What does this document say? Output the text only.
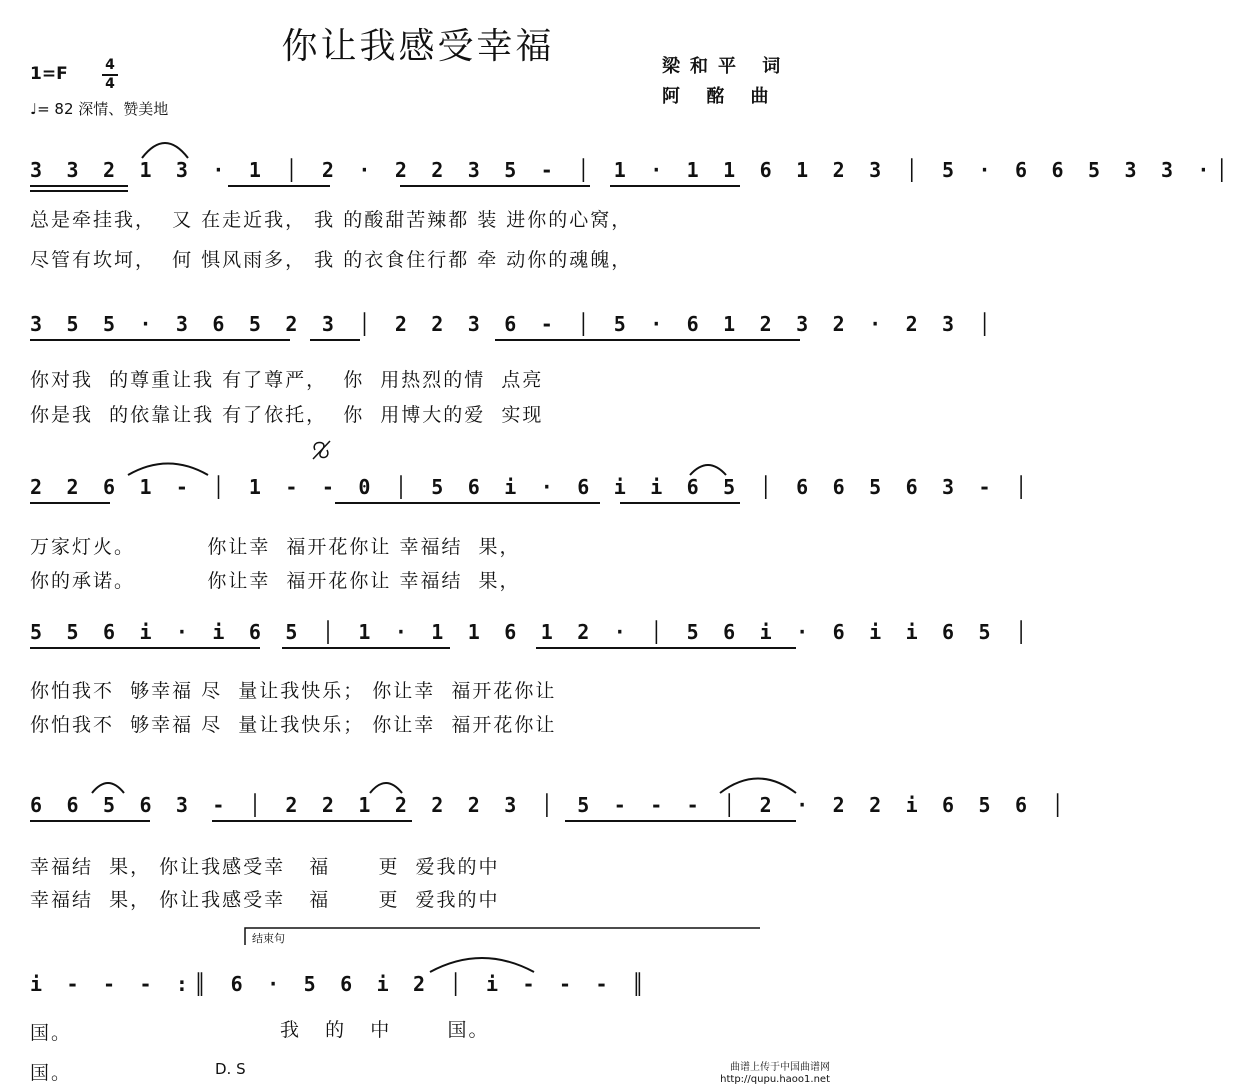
你让我感受幸福	梁和平 词
阿 酩 曲
1=F	4
4
♩= 82 深情、赞美地
3 3 2 1 3 · 1 │ 2 · 2 2 3 5 - │ 1 · 1 1 6 1 2 3 │ 5 · 6 6 5 3 3 ·│
总是牵挂我，  又 在走近我， 我 的酸甜苦辣都 装 进你的心窝，
尽管有坎坷，  何 惧风雨多， 我 的衣食住行都 牵 动你的魂魄，
3 5 5 · 3 6 5 2 3 │ 2 2 3 6 - │ 5 · 6 1 2 3 2 · 2 3 │
你对我  的尊重让我 有了尊严，  你  用热烈的情  点亮
你是我  的依靠让我 有了依托，  你  用博大的爱  实现
2 2 6 1 - │ 1 - - 0 │ 5 6 i · 6 i i 6 5 │ 6 6 5 6 3 - │
万家灯火。         你让幸  福开花你让 幸福结  果，
你的承诺。         你让幸  福开花你让 幸福结  果，
5 5 6 i · i 6 5 │ 1 · 1 1 6 1 2 · │ 5 6 i · 6 i i 6 5 │
你怕我不  够幸福 尽  量让我快乐； 你让幸  福开花你让
你怕我不  够幸福 尽  量让我快乐； 你让幸  福开花你让
6 6 5 6 3 - │ 2 2 1 2 2 2 3 │ 5 - - - │ 2 · 2 2 i 6 5 6 │
幸福结  果， 你让我感受幸   福      更  爱我的中
幸福结  果， 你让我感受幸   福      更  爱我的中
结束句
i - - - :║ 6 · 5 6 i 2 │ i - - - ║
我   的   中       国。
国。
国。	D. S	曲谱上传于中国曲谱网
http://qupu.haoo1.net
